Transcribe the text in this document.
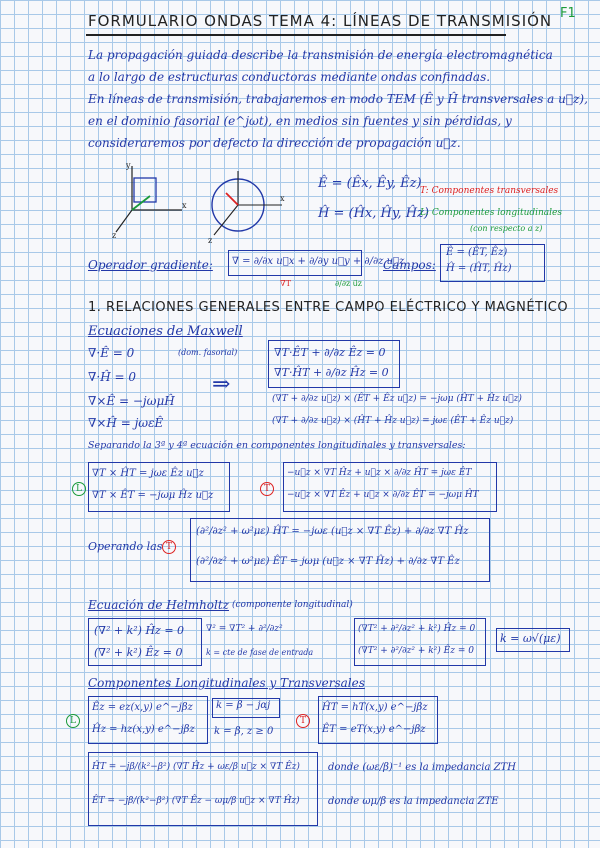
FORMULARIO ONDAS TEMA 4: LÍNEAS DE TRANSMISIÓN F1
La propagación guiada describe la transmisión de energía electromagnética
a lo largo de estructuras conductoras mediante ondas confinadas.
En líneas de transmisión, trabajaremos en modo TEM (Ê y Ĥ transversales a u⃗z),
en el dominio fasorial (e^jωt), en medios sin fuentes y sin pérdidas, y
consideraremos por defecto la dirección de propagación u⃗z.
y
x
z
x
z
Ê = (Êx, Êy, Êz)
Ĥ = (Ĥx, Ĥy, Ĥz)
T: Componentes transversales
L: Componentes longitudinales
(con respecto a z)
Operador gradiente: ∇ = ∂/∂x u⃗x + ∂/∂y u⃗y + ∂/∂z u⃗z
∇T	∂/∂z u⃗z
Campos:
Ê = (ÊT, Êz)
Ĥ = (ĤT, Ĥz)
1. RELACIONES GENERALES ENTRE CAMPO ELÉCTRICO Y MAGNÉTICO
Ecuaciones de Maxwell
∇·Ê = 0	(dom. fasorial)
∇·Ĥ = 0
∇×Ê = −jωμĤ
∇×Ĥ = jωεÊ
⇒
∇T·ÊT + ∂/∂z Êz = 0
∇T·ĤT + ∂/∂z Ĥz = 0
(∇T + ∂/∂z u⃗z) × (ÊT + Êz u⃗z) = −jωμ (ĤT + Ĥz u⃗z)
(∇T + ∂/∂z u⃗z) × (ĤT + Ĥz u⃗z) = jωε (ÊT + Êz u⃗z)
Separando la 3ª y 4ª ecuación en componentes longitudinales y transversales:
L
∇T × ĤT = jωε Êz u⃗z
∇T × ÊT = −jωμ Ĥz u⃗z
T
−u⃗z × ∇T Ĥz + u⃗z × ∂/∂z ĤT = jωε ÊT
−u⃗z × ∇T Êz + u⃗z × ∂/∂z ÊT = −jωμ ĤT
Operando las T
(∂²/∂z² + ω²με) ĤT = −jωε (u⃗z × ∇T Êz) + ∂/∂z ∇T Ĥz
(∂²/∂z² + ω²με) ÊT = jωμ (u⃗z × ∇T Ĥz) + ∂/∂z ∇T Êz
Ecuación de Helmholtz (componente longitudinal)
(∇² + k²) Ĥz = 0
(∇² + k²) Êz = 0
∇² = ∇T² + ∂²/∂z²
k = cte de fase de entrada
(∇T² + ∂²/∂z² + k²) Ĥz = 0
(∇T² + ∂²/∂z² + k²) Êz = 0
k = ω√(με)
Componentes Longitudinales y Transversales
L
Êz = ez(x,y) e^−jβz
Ĥz = hz(x,y) e^−jβz
k = β − jαj
k = β, z ≥ 0
T
ĤT = hT(x,y) e^−jβz
ÊT = eT(x,y) e^−jβz
ĤT = −jβ/(k²−β²) (∇T Ĥz + ωε/β u⃗z × ∇T Êz)
ÊT = −jβ/(k²−β²) (∇T Êz − ωμ/β u⃗z × ∇T Ĥz)
donde (ωε/β)⁻¹ es la impedancia ZTH
donde ωμ/β es la impedancia ZTE
